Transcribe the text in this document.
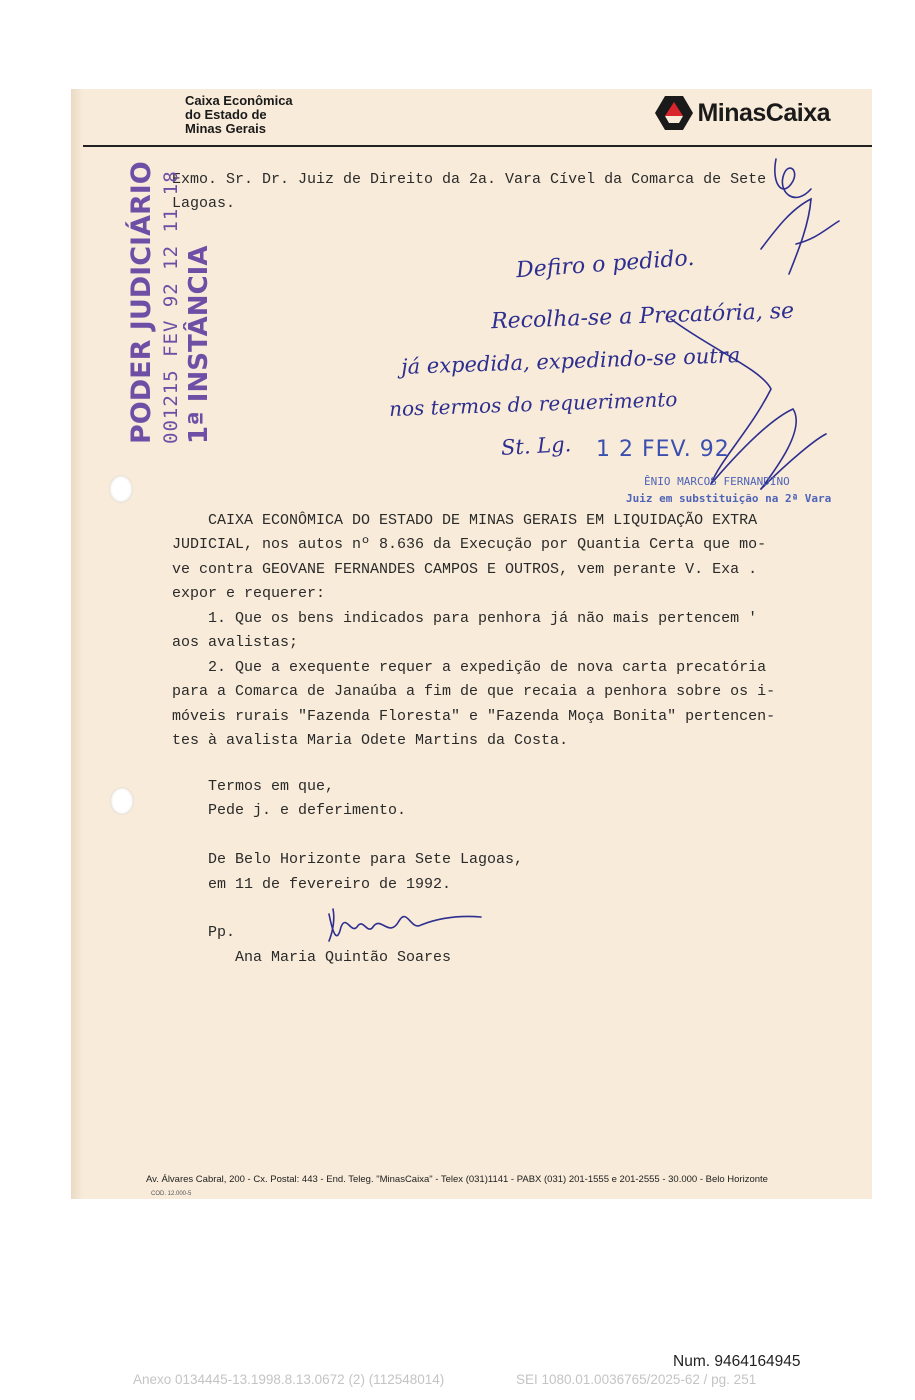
Caixa Econômica
do Estado de
Minas Gerais
MinasCaixa
Exmo. Sr. Dr. Juiz de Direito da 2a. Vara Cível da Comarca de Sete
Lagoas.
PODER JUDICIÁRIO 001215 FEV 92 12 11 18 1ª INSTÂNCIA	Defiro o pedido.
Recolha-se a Precatória, se
já expedida, expedindo-se outra
nos termos do requerimento
St. Lg. 1 2 FEV. 92
ÊNIO MARCOS FERNANDINO
Juiz em substituição na 2ª Vara
CAIXA ECONÔMICA DO ESTADO DE MINAS GERAIS EM LIQUIDAÇÃO EXTRA
JUDICIAL, nos autos nº 8.636 da Execução por Quantia Certa que mo-
ve contra GEOVANE FERNANDES CAMPOS E OUTROS, vem perante V. Exa .
expor e requerer:
1. Que os bens indicados para penhora já não mais pertencem '
aos avalistas;
2. Que a exequente requer a expedição de nova carta precatória
para a Comarca de Janaúba a fim de que recaia a penhora sobre os i-
móveis rurais "Fazenda Floresta" e "Fazenda Moça Bonita" pertencen-
tes à avalista Maria Odete Martins da Costa.
Termos em que,
Pede j. e deferimento.
De Belo Horizonte para Sete Lagoas,
em 11 de fevereiro de 1992.
Pp.
Ana Maria Quintão Soares
Av. Álvares Cabral, 200 - Cx. Postal: 443 - End. Teleg. "MinasCaixa" - Telex (031)1141 - PABX (031) 201-1555 e 201-2555 - 30.000 - Belo Horizonte
COD. 12.000-5
Num. 9464164945
Anexo 0134445-13.1998.8.13.0672 (2) (112548014)	SEI 1080.01.0036765/2025-62 / pg. 251
